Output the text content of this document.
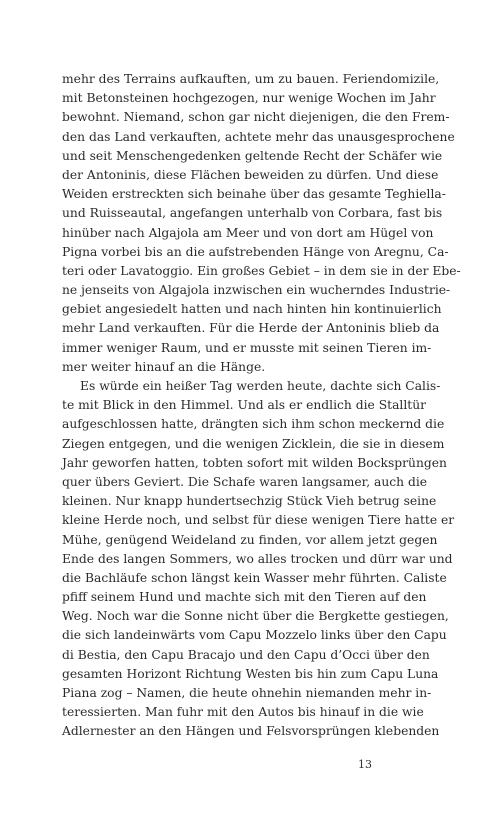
mehr des Terrains aufkauften, um zu bauen. Feriendomizile,
mit Betonsteinen hochgezogen, nur wenige Wochen im Jahr
bewohnt. Niemand, schon gar nicht diejenigen, die den Frem-
den das Land verkauften, achtete mehr das unausgesprochene
und seit Menschengedenken geltende Recht der Schäfer wie
der Antoninis, diese Flächen beweiden zu dürfen. Und diese
Weiden erstreckten sich beinahe über das gesamte Teghiella-
und Ruisseautal, angefangen unterhalb von Corbara, fast bis
hinüber nach Algajola am Meer und von dort am Hügel von
Pigna vorbei bis an die aufstrebenden Hänge von Aregnu, Ca-
teri oder Lavatoggio. Ein großes Gebiet – in dem sie in der Ebe-
ne jenseits von Algajola inzwischen ein wucherndes Industrie-
gebiet angesiedelt hatten und nach hinten hin kontinuierlich
mehr Land verkauften. Für die Herde der Antoninis blieb da
immer weniger Raum, und er musste mit seinen Tieren im-
mer weiter hinauf an die Hänge.
Es würde ein heißer Tag werden heute, dachte sich Calis-
te mit Blick in den Himmel. Und als er endlich die Stalltür
aufgeschlossen hatte, drängten sich ihm schon meckernd die
Ziegen entgegen, und die wenigen Zicklein, die sie in diesem
Jahr geworfen hatten, tobten sofort mit wilden Bocksprüngen
quer übers Geviert. Die Schafe waren langsamer, auch die
kleinen. Nur knapp hundertsechzig Stück Vieh betrug seine
kleine Herde noch, und selbst für diese wenigen Tiere hatte er
Mühe, genügend Weideland zu finden, vor allem jetzt gegen
Ende des langen Sommers, wo alles trocken und dürr war und
die Bachläufe schon längst kein Wasser mehr führten. Caliste
pfiff seinem Hund und machte sich mit den Tieren auf den
Weg. Noch war die Sonne nicht über die Bergkette gestiegen,
die sich landeinwärts vom Capu Mozzelo links über den Capu
di Bestia, den Capu Bracajo und den Capu d’Occi über den
gesamten Horizont Richtung Westen bis hin zum Capu Luna
Piana zog – Namen, die heute ohnehin niemanden mehr in-
teressierten. Man fuhr mit den Autos bis hinauf in die wie
Adlernester an den Hängen und Felsvorsprüngen klebenden
13
